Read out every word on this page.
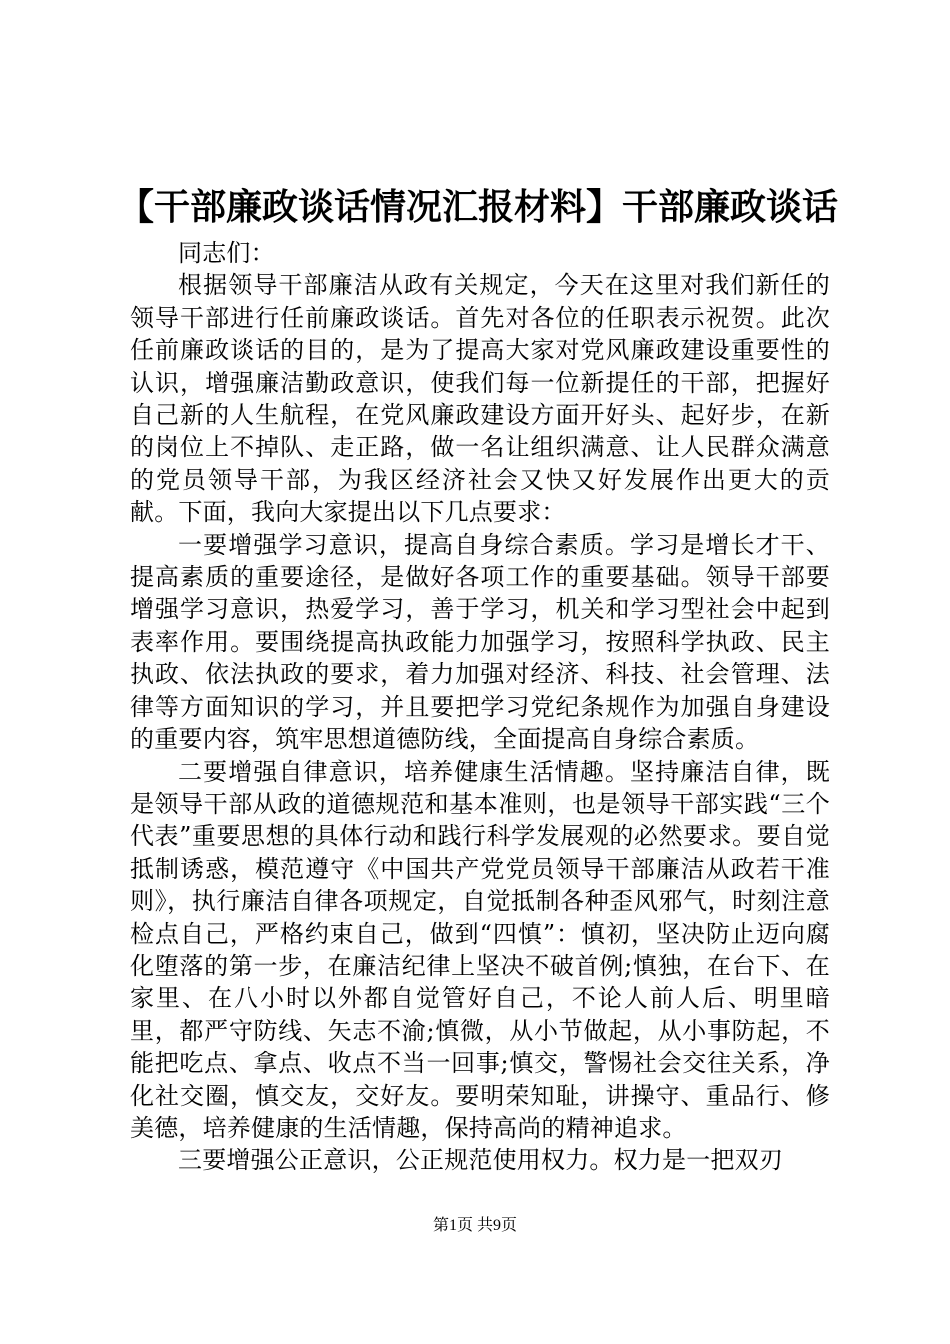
【干部廉政谈话情况汇报材料】干部廉政谈话

同志们：

根据领导干部廉洁从政有关规定，今天在这里对我们新任的领导干部进行任前廉政谈话。首先对各位的任职表示祝贺。此次任前廉政谈话的目的，是为了提高大家对党风廉政建设重要性的认识，增强廉洁勤政意识，使我们每一位新提任的干部，把握好自己新的人生航程，在党风廉政建设方面开好头、起好步，在新的岗位上不掉队、走正路，做一名让组织满意、让人民群众满意的党员领导干部，为我区经济社会又快又好发展作出更大的贡献。下面，我向大家提出以下几点要求：

一要增强学习意识，提高自身综合素质。学习是增长才干、提高素质的重要途径，是做好各项工作的重要基础。领导干部要增强学习意识，热爱学习，善于学习，机关和学习型社会中起到表率作用。要围绕提高执政能力加强学习，按照科学执政、民主执政、依法执政的要求，着力加强对经济、科技、社会管理、法律等方面知识的学习，并且要把学习党纪条规作为加强自身建设的重要内容，筑牢思想道德防线，全面提高自身综合素质。

二要增强自律意识，培养健康生活情趣。坚持廉洁自律，既是领导干部从政的道德规范和基本准则，也是领导干部实践“三个代表”重要思想的具体行动和践行科学发展观的必然要求。要自觉抵制诱惑，模范遵守《中国共产党党员领导干部廉洁从政若干准则》，执行廉洁自律各项规定，自觉抵制各种歪风邪气，时刻注意检点自己，严格约束自己，做到“四慎”：慎初，坚决防止迈向腐化堕落的第一步，在廉洁纪律上坚决不破首例;慎独，在台下、在家里、在八小时以外都自觉管好自己，不论人前人后、明里暗里，都严守防线、矢志不渝;慎微，从小节做起，从小事防起，不能把吃点、拿点、收点不当一回事;慎交，警惕社会交往关系，净化社交圈，慎交友，交好友。要明荣知耻，讲操守、重品行、修美德，培养健康的生活情趣，保持高尚的精神追求。

三要增强公正意识，公正规范使用权力。权力是一把双刃

第1页 共9页
